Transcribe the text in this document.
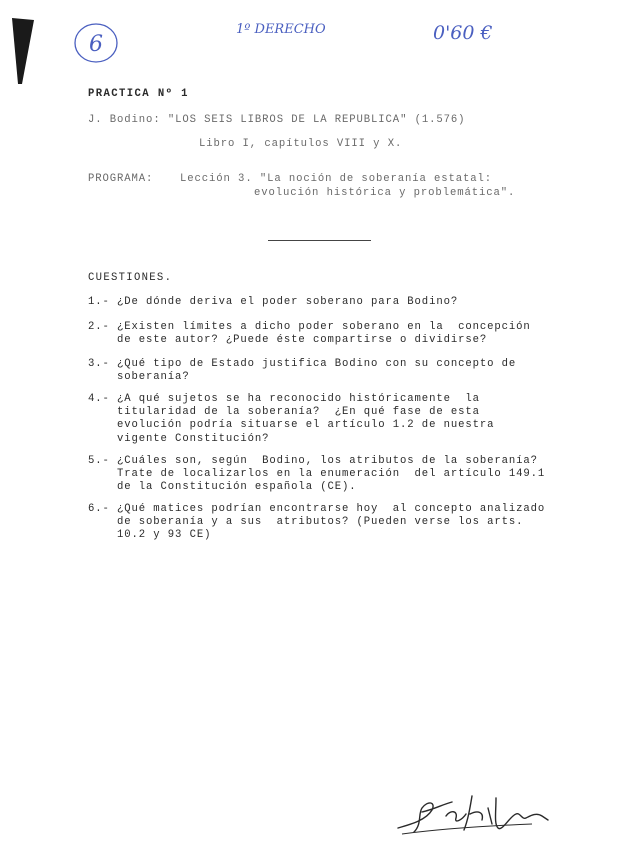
6
1º DERECHO	0'60 €
PRACTICA Nº 1
J. Bodino: "LOS SEIS LIBROS DE LA REPUBLICA" (1.576)
Libro I, capítulos VIII y X.
PROGRAMA:	Lección 3. "La noción de soberanía estatal:
evolución histórica y problemática".
CUESTIONES.
1.- ¿De dónde deriva el poder soberano para Bodino?
2.- ¿Existen límites a dicho poder soberano en la  concepción
de este autor? ¿Puede éste compartirse o dividirse?
3.- ¿Qué tipo de Estado justifica Bodino con su concepto de
soberanía?
4.- ¿A qué sujetos se ha reconocido históricamente  la
titularidad de la soberanía?  ¿En qué fase de esta
evolución podría situarse el artículo 1.2 de nuestra
vigente Constitución?
5.- ¿Cuáles son, según  Bodino, los atributos de la soberanía?
Trate de localizarlos en la enumeración  del artículo 149.1
de la Constitución española (CE).
6.- ¿Qué matices podrían encontrarse hoy  al concepto analizado
de soberanía y a sus  atributos? (Pueden verse los arts.
10.2 y 93 CE)
